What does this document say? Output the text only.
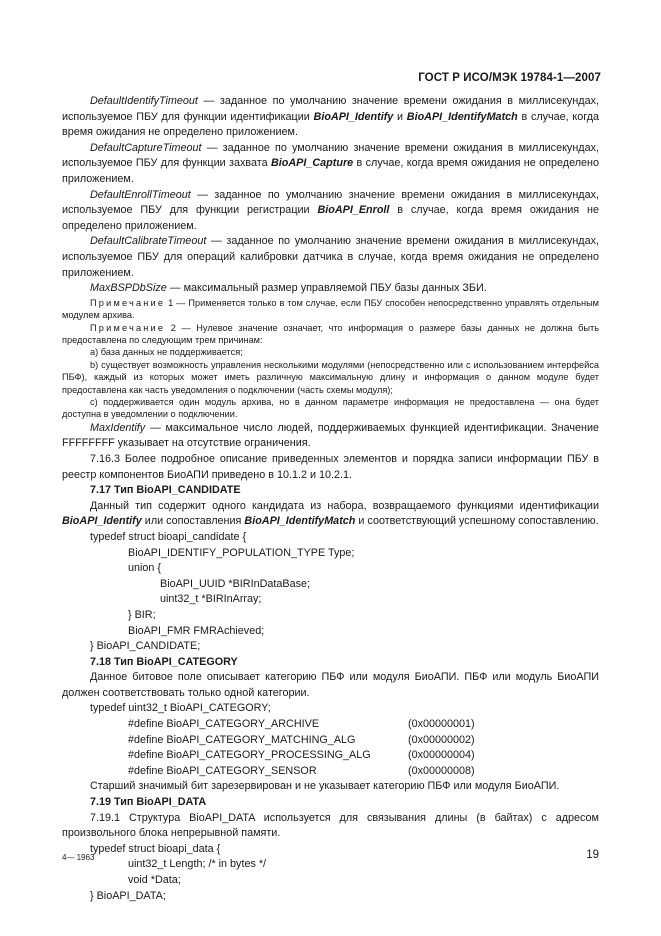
ГОСТ Р ИСО/МЭК 19784-1—2007

DefaultIdentifyTimeout — заданное по умолчанию значение времени ожидания в миллисекундах, используемое ПБУ для функции идентификации BioAPI_Identify и BioAPI_IdentifyMatch в случае, когда время ожидания не определено приложением.

DefaultCaptureTimeout — заданное по умолчанию значение времени ожидания в миллисекундах, используемое ПБУ для функции захвата BioAPI_Capture в случае, когда время ожидания не определено приложением.

DefaultEnrollTimeout — заданное по умолчанию значение времени ожидания в миллисекундах, используемое ПБУ для функции регистрации BioAPI_Enroll в случае, когда время ожидания не определено приложением.

DefaultCalibrateTimeout — заданное по умолчанию значение времени ожидания в миллисекундах, используемое ПБУ для операций калибровки датчика в случае, когда время ожидания не определено приложением.

MaxBSPDbSize — максимальный размер управляемой ПБУ базы данных ЗБИ.

Примечание 1 — Применяется только в том случае, если ПБУ способен непосредственно управлять отдельным модулем архива.

Примечание 2 — Нулевое значение означает, что информация о размере базы данных не должна быть предоставлена по следующим трем причинам:

а) база данных не поддерживается;

b) существует возможность управления несколькими модулями (непосредственно или с использованием интерфейса ПБФ), каждый из которых может иметь различную максимальную длину и информация о данном модуле будет предоставлена как часть уведомления о подключении (часть схемы модуля);

с) поддерживается один модуль архива, но в данном параметре информация не предоставлена — она будет доступна в уведомлении о подключении.

MaxIdentify — максимальное число людей, поддерживаемых функцией идентификации. Значение FFFFFFFF указывает на отсутствие ограничения.

7.16.3 Более подробное описание приведенных элементов и порядка записи информации ПБУ в реестр компонентов БиоАПИ приведено в 10.1.2 и 10.2.1.

7.17 Тип BioAPI_CANDIDATE

Данный тип содержит одного кандидата из набора, возвращаемого функциями идентификации BioAPI_Identify или сопоставления BioAPI_IdentifyMatch и соответствующий успешному сопоставлению.

typedef struct bioapi_candidate {

BioAPI_IDENTIFY_POPULATION_TYPE Type;

union {

BioAPI_UUID *BIRInDataBase;

uint32_t *BIRInArray;

} BIR;

BioAPI_FMR FMRAchieved;

} BioAPI_CANDIDATE;

7.18 Тип BioAPI_CATEGORY

Данное битовое поле описывает категорию ПБФ или модуля БиоАПИ. ПБФ или модуль БиоАПИ должен соответствовать только одной категории.

typedef uint32_t BioAPI_CATEGORY;

#define BioAPI_CATEGORY_ARCHIVE	(0x00000001)
#define BioAPI_CATEGORY_MATCHING_ALG	(0x00000002)
#define BioAPI_CATEGORY_PROCESSING_ALG	(0x00000004)
#define BioAPI_CATEGORY_SENSOR	(0x00000008)

Старший значимый бит зарезервирован и не указывает категорию ПБФ или модуля БиоАПИ.

7.19 Тип BioAPI_DATA

7.19.1 Структура BioAPI_DATA используется для связывания длины (в байтах) с адресом произвольного блока непрерывной памяти.

typedef struct bioapi_data {

uint32_t Length; /* in bytes */

void *Data;

} BioAPI_DATA;

4— 1963	19
